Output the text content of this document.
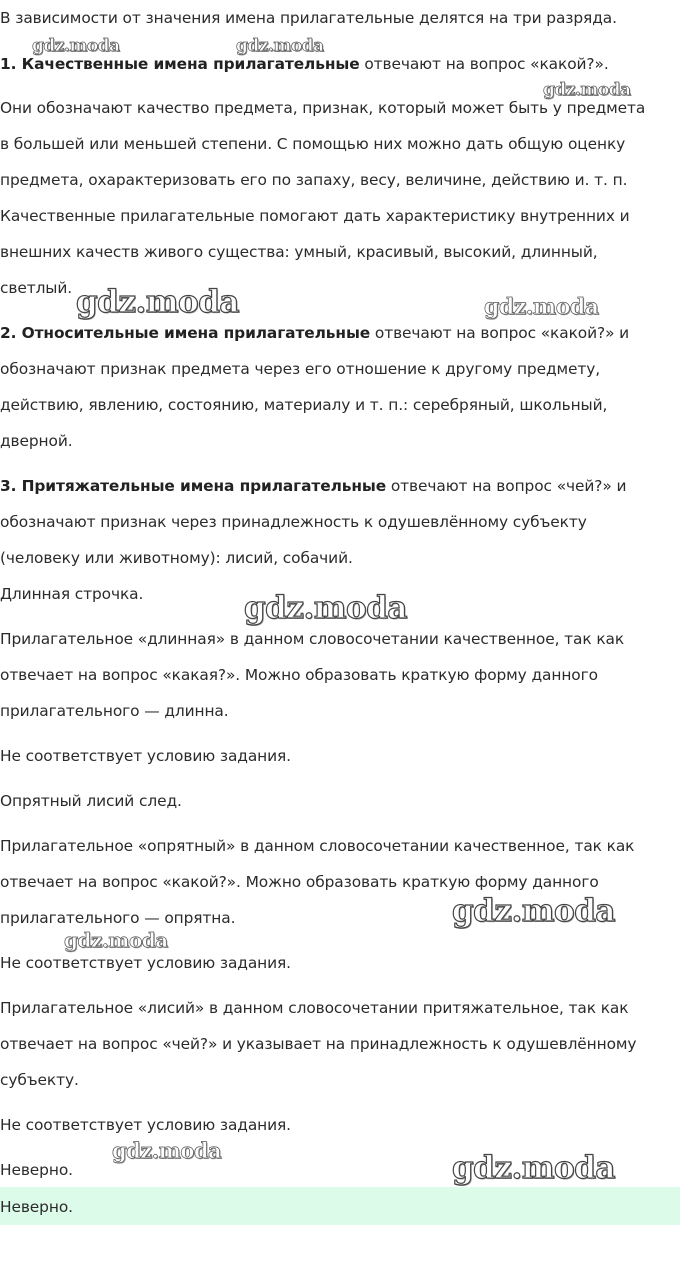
В зависимости от значения имена прилагательные делятся на три разряда.
1. Качественные имена прилагательные отвечают на вопрос «какой?».
Они обозначают качество предмета, признак, который может быть у предмета
в большей или меньшей степени. С помощью них можно дать общую оценку
предмета, охарактеризовать его по запаху, весу, величине, действию и. т. п.
Качественные прилагательные помогают дать характеристику внутренних и
внешних качеств живого существа: умный, красивый, высокий, длинный,
светлый.
2. Относительные имена прилагательные отвечают на вопрос «какой?» и
обозначают признак предмета через его отношение к другому предмету,
действию, явлению, состоянию, материалу и т. п.: серебряный, школьный,
дверной.
3. Притяжательные имена прилагательные отвечают на вопрос «чей?» и
обозначают признак через принадлежность к одушевлённому субъекту
(человеку или животному): лисий, собачий.
Длинная строчка.
Прилагательное «длинная» в данном словосочетании качественное, так как
отвечает на вопрос «какая?». Можно образовать краткую форму данного
прилагательного — длинна.
Не соответствует условию задания.
Опрятный лисий след.
Прилагательное «опрятный» в данном словосочетании качественное, так как
отвечает на вопрос «какой?». Можно образовать краткую форму данного
прилагательного — опрятна.
Не соответствует условию задания.
Прилагательное «лисий» в данном словосочетании притяжательное, так как
отвечает на вопрос «чей?» и указывает на принадлежность к одушевлённому
субъекту.
Не соответствует условию задания.
Неверно.
Неверно.
gdz.moda	gdz.moda
gdz.moda
gdz.moda	gdz.moda
gdz.moda
gdz.moda
gdz.moda
gdz.moda	gdz.moda
